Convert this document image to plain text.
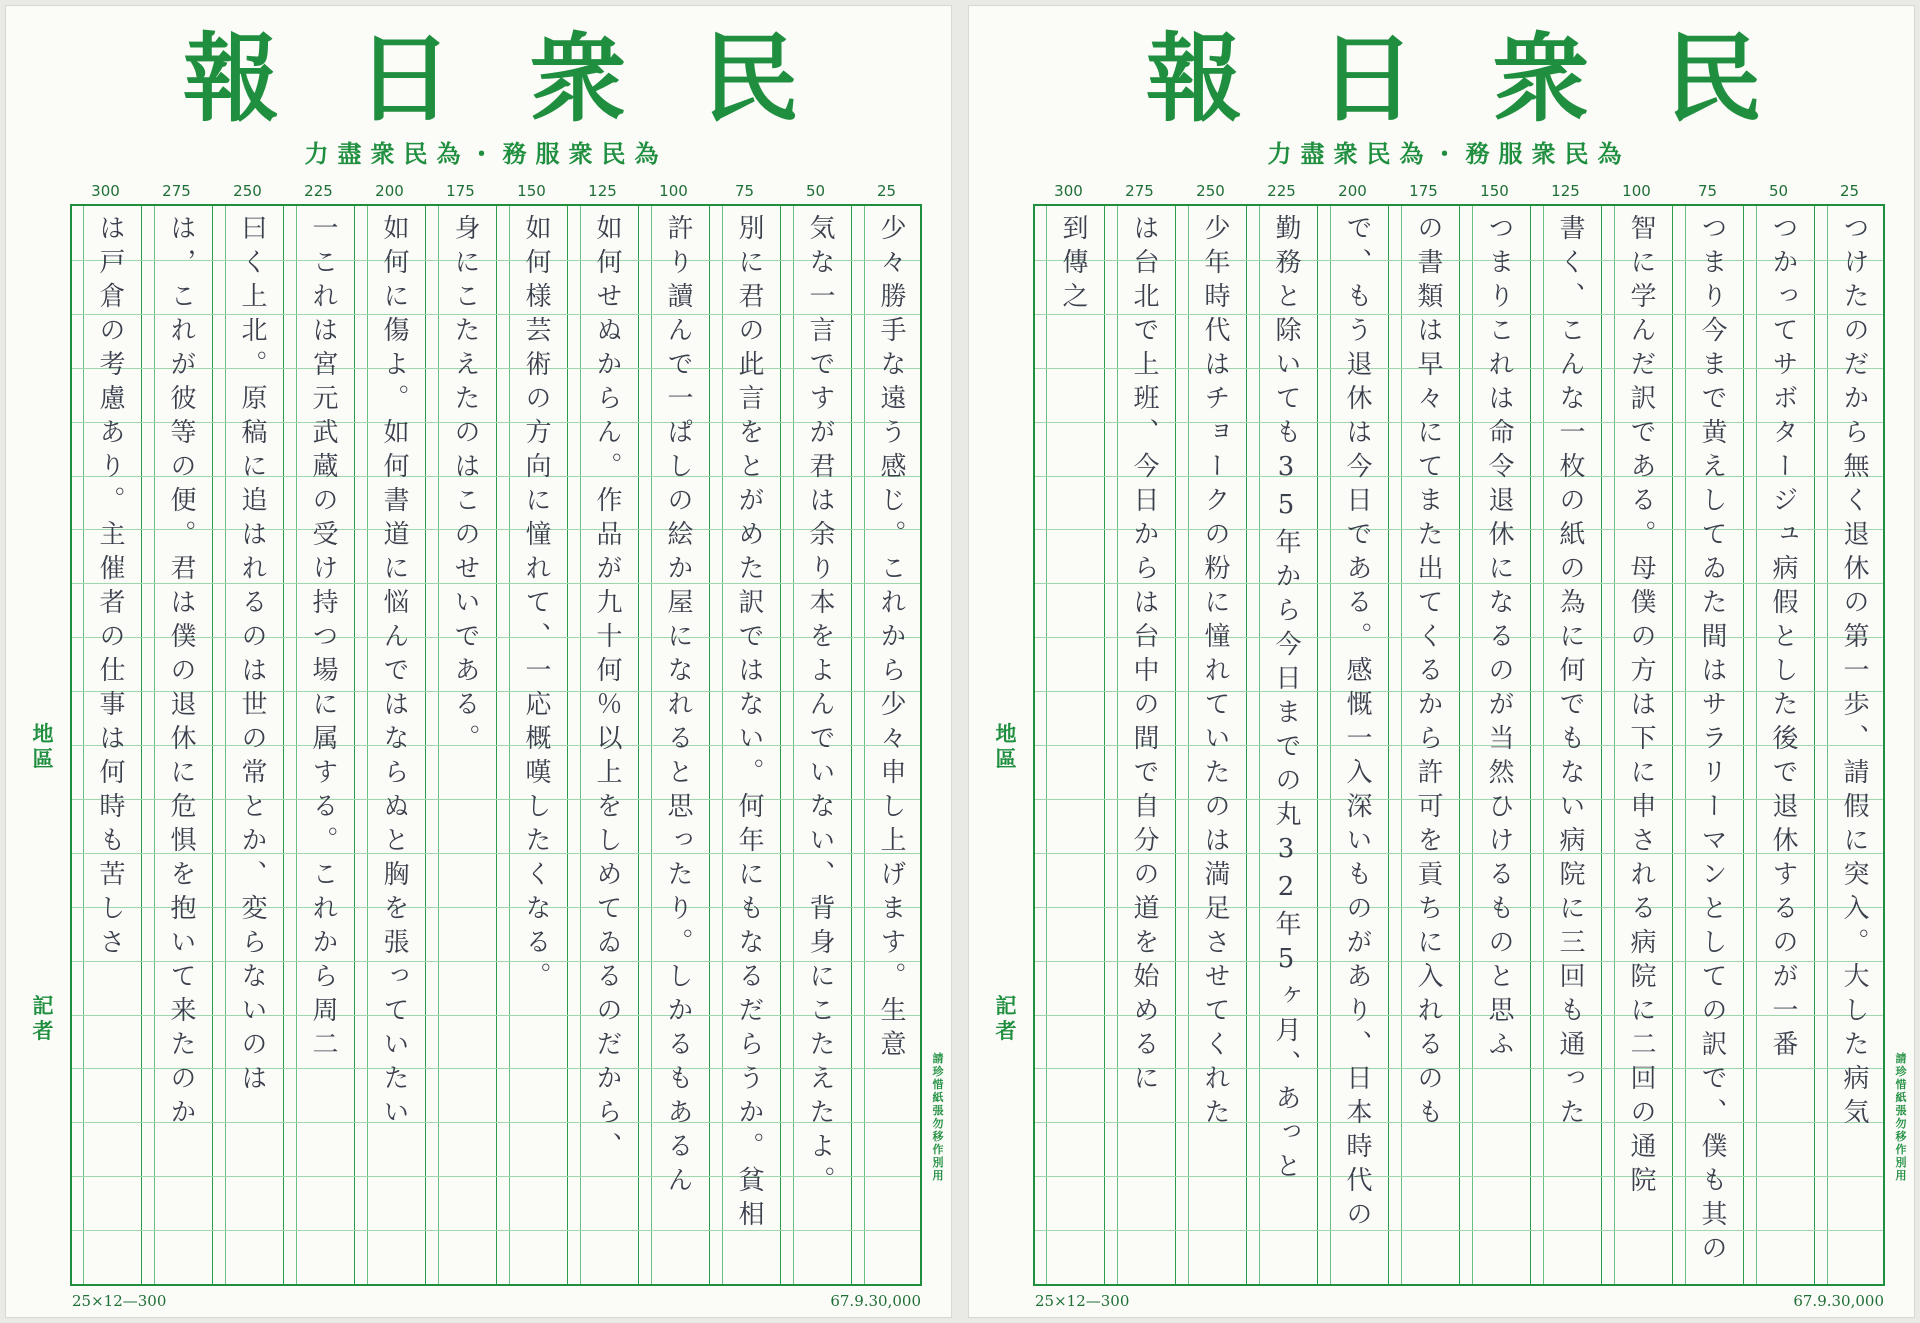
報 日 衆 民
力盡衆民為・務服衆民為
300	275	250	225	200	175	150	125	100	75	50	25
地區
記者
請珍惜紙張勿移作別用
25×12—300	67.9.30,000
少々勝手な遠う感じ。これから少々申し上げます。生意
気な一言ですが君は余り本をよんでいない、背身にこたえたよ。
別に君の此言をとがめた訳ではない。何年にもなるだらうか。貧相
許り讀んで一ぱしの絵か屋になれると思ったり。しかるもあるん
如何せぬからん。作品が九十何％以上をしめてゐるのだから、
如何様芸術の方向に憧れて、一応概嘆したくなる。
身にこたえたのはこのせいである。
如何に傷よ。如何書道に悩んではならぬと胸を張っていたい
一これは宮元武蔵の受け持つ場に属する。これから周二
曰く上北。原稿に追はれるのは世の常とか、変らないのは
は，これが彼等の便。君は僕の退休に危惧を抱いて来たのか
は戸倉の考慮あり。主催者の仕事は何時も苦しさ
報 日 衆 民
力盡衆民為・務服衆民為
300	275	250	225	200	175	150	125	100	75	50	25
地區
記者
請珍惜紙張勿移作別用
25×12—300	67.9.30,000
つけたのだから無く退休の第一歩、請假に突入。大した病気
つかってサボタージュ病假とした後で退休するのが一番
つまり今まで黄えしてゐた間はサラリーマンとしての訳で、僕も其の
智に学んだ訳である。母僕の方は下に申される病院に二回の通院
書く、こんな一枚の紙の為に何でもない病院に三回も通った
つまりこれは命令退休になるのが当然ひけるものと思ふ
の書類は早々にてまた出てくるから許可を貢ちに入れるのも
で、もう退休は今日である。感慨一入深いものがあり、日本時代の
勤務と除いても35年から今日までの丸32年5ヶ月、あっと
少年時代はチョークの粉に憧れていたのは満足させてくれた
は台北で上班、今日からは台中の間で自分の道を始めるに
到傳之
